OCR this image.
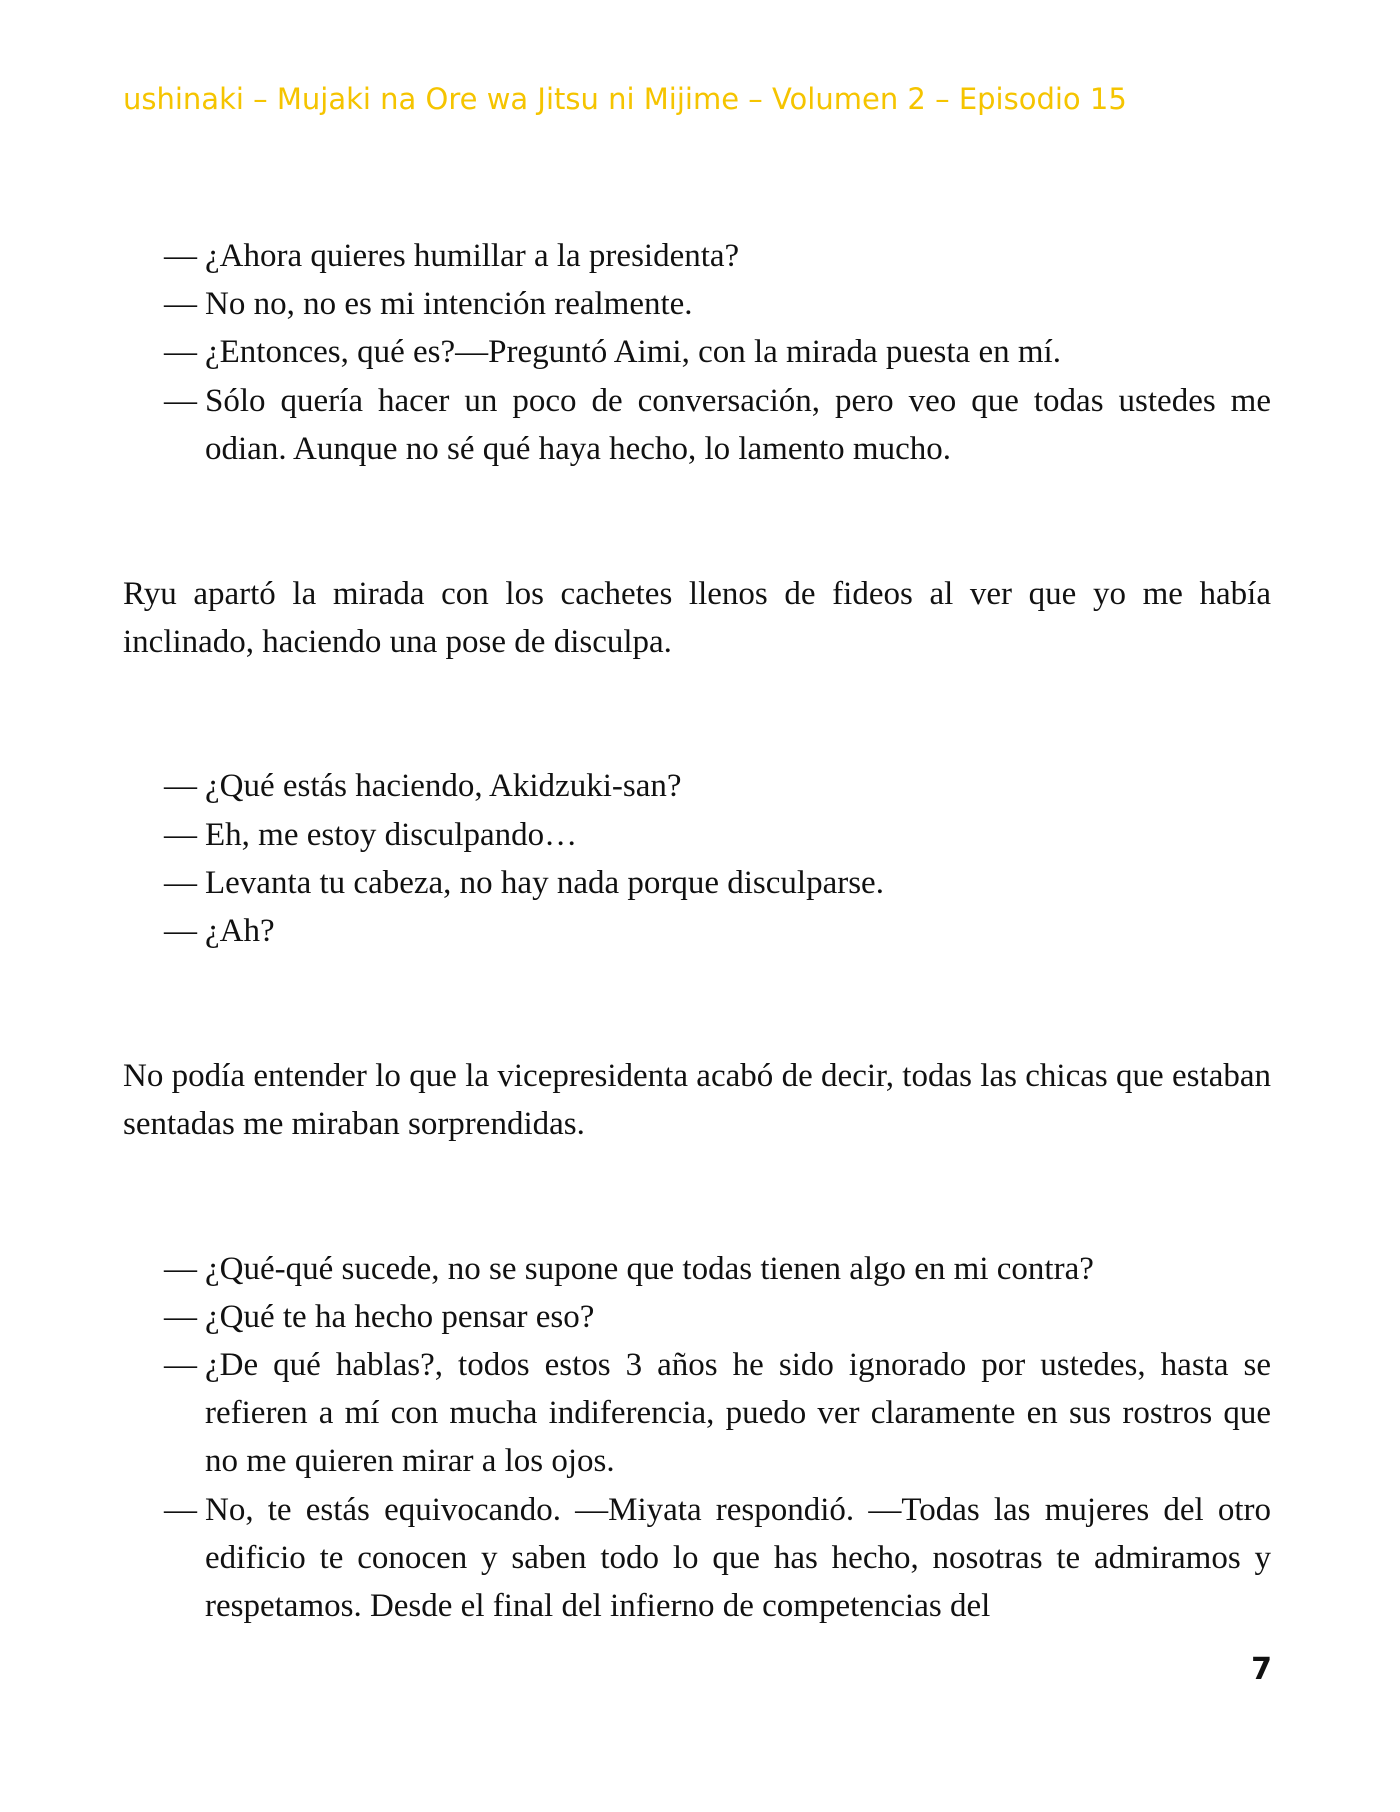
ushinaki – Mujaki na Ore wa Jitsu ni Mijime – Volumen 2 – Episodio 15

— ¿Ahora quieres humillar a la presidenta?

— No no, no es mi intención realmente.

— ¿Entonces, qué es?—Preguntó Aimi, con la mirada puesta en mí.

— Sólo quería hacer un poco de conversación, pero veo que todas ustedes me odian. Aunque no sé qué haya hecho, lo lamento mucho.

Ryu apartó la mirada con los cachetes llenos de fideos al ver que yo me había inclinado, haciendo una pose de disculpa.

— ¿Qué estás haciendo, Akidzuki-san?

— Eh, me estoy disculpando…

— Levanta tu cabeza, no hay nada porque disculparse.

— ¿Ah?

No podía entender lo que la vicepresidenta acabó de decir, todas las chicas que estaban sentadas me miraban sorprendidas.

— ¿Qué-qué sucede, no se supone que todas tienen algo en mi contra?

— ¿Qué te ha hecho pensar eso?

— ¿De qué hablas?, todos estos 3 años he sido ignorado por ustedes, hasta se refieren a mí con mucha indiferencia, puedo ver claramente en sus rostros que no me quieren mirar a los ojos.

— No, te estás equivocando. —Miyata respondió. —Todas las mujeres del otro edificio te conocen y saben todo lo que has hecho, nosotras te admiramos y respetamos. Desde el final del infierno de competencias del

7
